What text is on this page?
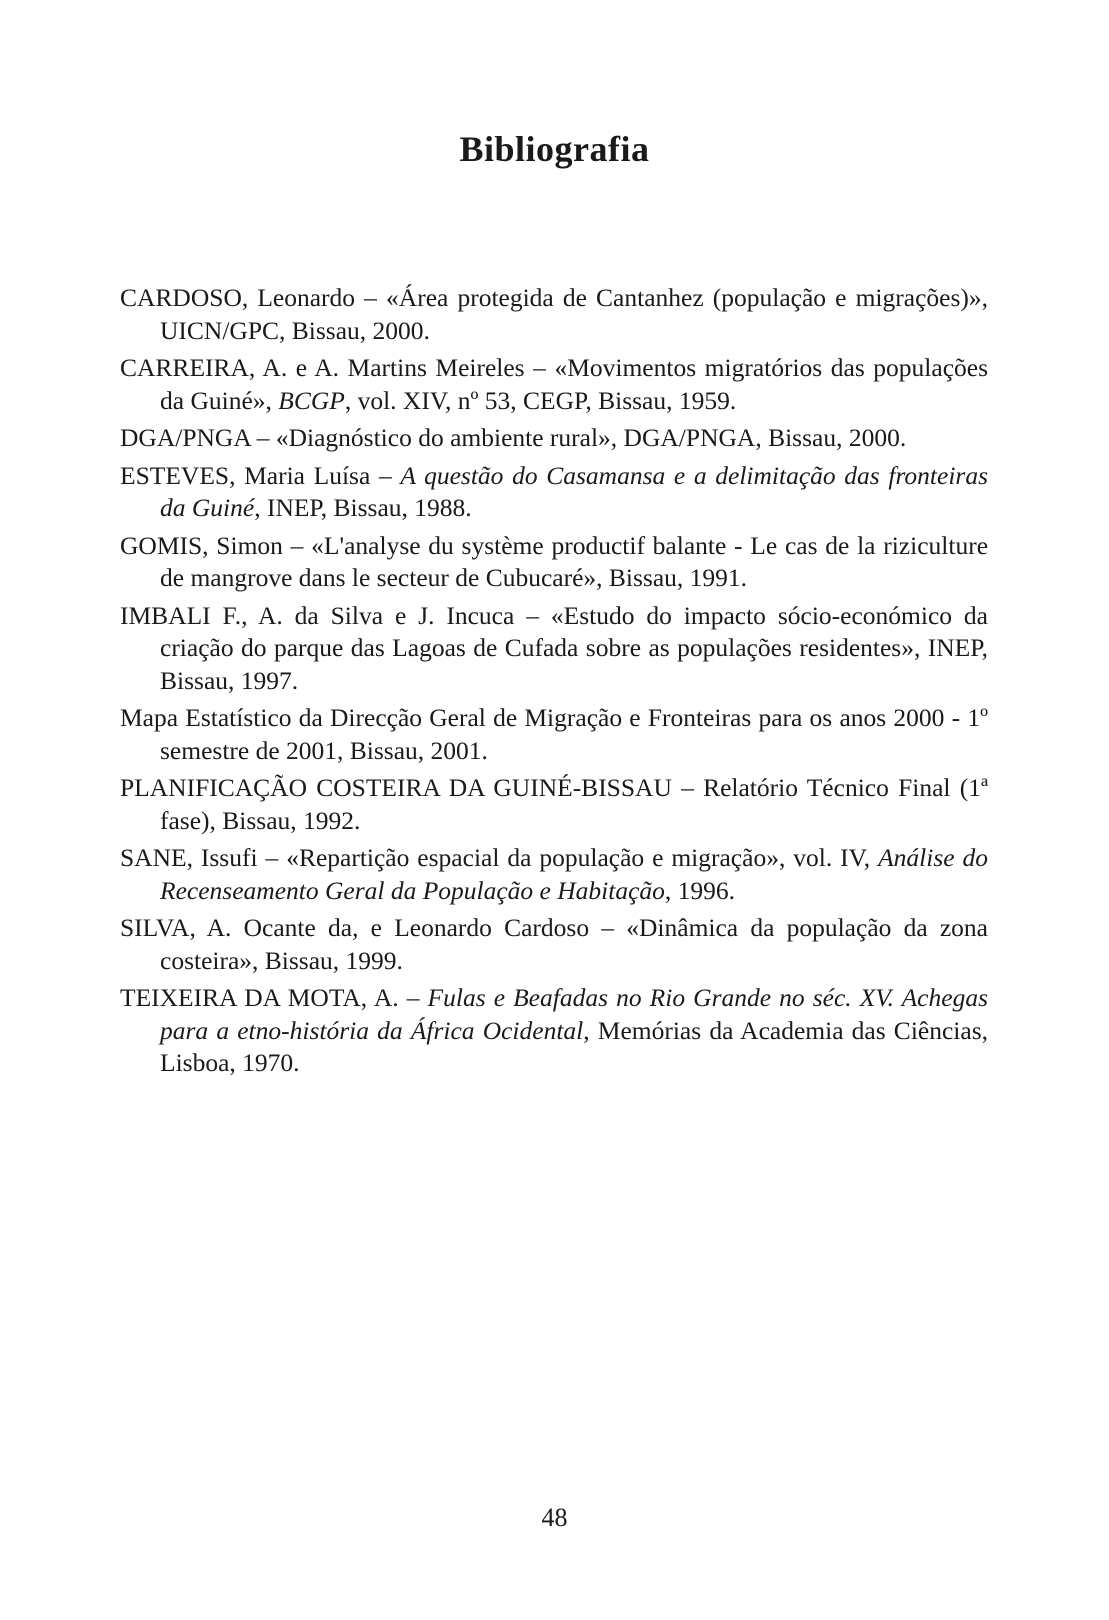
Bibliografia
CARDOSO, Leonardo – «Área protegida de Cantanhez (população e migrações)», UICN/GPC, Bissau, 2000.
CARREIRA, A. e A. Martins Meireles – «Movimentos migratórios das populações da Guiné», BCGP, vol. XIV, nº 53, CEGP, Bissau, 1959.
DGA/PNGA – «Diagnóstico do ambiente rural», DGA/PNGA, Bissau, 2000.
ESTEVES, Maria Luísa – A questão do Casamansa e a delimitação das fronteiras da Guiné, INEP, Bissau, 1988.
GOMIS, Simon – «L'analyse du système productif balante - Le cas de la riziculture de mangrove dans le secteur de Cubucaré», Bissau, 1991.
IMBALI F., A. da Silva e J. Incuca – «Estudo do impacto sócio-económico da criação do parque das Lagoas de Cufada sobre as populações residentes», INEP, Bissau, 1997.
Mapa Estatístico da Direcção Geral de Migração e Fronteiras para os anos 2000 - 1º semestre de 2001, Bissau, 2001.
PLANIFICAÇÃO COSTEIRA DA GUINÉ-BISSAU – Relatório Técnico Final (1ª fase), Bissau, 1992.
SANE, Issufi – «Repartição espacial da população e migração», vol. IV, Análise do Recenseamento Geral da População e Habitação, 1996.
SILVA, A. Ocante da, e Leonardo Cardoso – «Dinâmica da população da zona costeira», Bissau, 1999.
TEIXEIRA DA MOTA, A. – Fulas e Beafadas no Rio Grande no séc. XV. Achegas para a etno-história da África Ocidental, Memórias da Academia das Ciências, Lisboa, 1970.

48
